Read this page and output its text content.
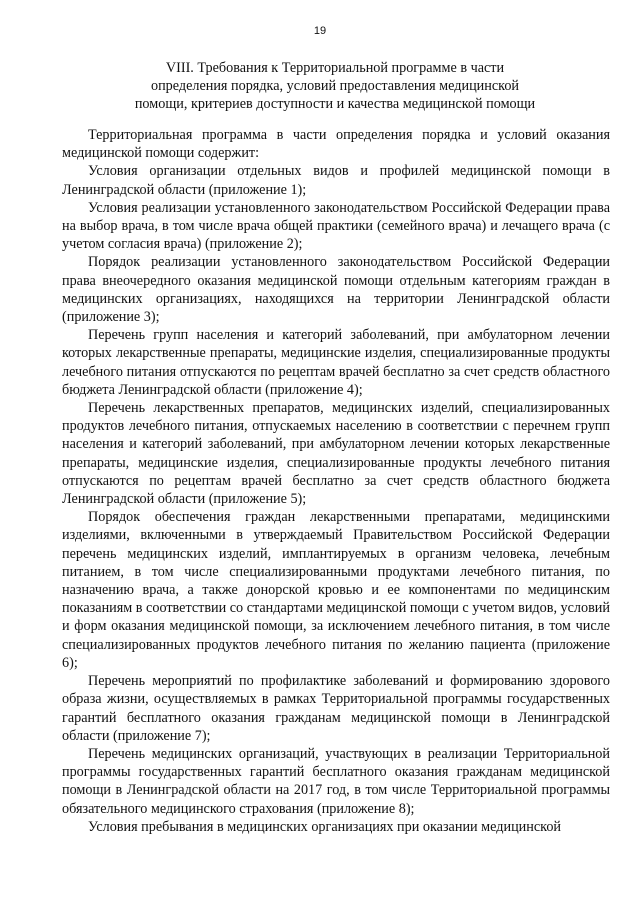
19
VIII. Требования к Территориальной программе в части
определения порядка, условий предоставления медицинской
помощи, критериев доступности и качества медицинской помощи

Территориальная программа в части определения порядка и условий оказания медицинской помощи содержит:

Условия организации отдельных видов и профилей медицинской помощи в Ленинградской области (приложение 1);

Условия реализации установленного законодательством Российской Федерации права на выбор врача, в том числе врача общей практики (семейного врача) и лечащего врача (с учетом согласия врача) (приложение 2);

Порядок реализации установленного законодательством Российской Федерации права внеочередного оказания медицинской помощи отдельным категориям граждан в медицинских организациях, находящихся на территории Ленинградской области (приложение 3);

Перечень групп населения и категорий заболеваний, при амбулаторном лечении которых лекарственные препараты, медицинские изделия, специализированные продукты лечебного питания отпускаются по рецептам врачей бесплатно за счет средств областного бюджета Ленинградской области (приложение 4);

Перечень лекарственных препаратов, медицинских изделий, специализированных продуктов лечебного питания, отпускаемых населению в соответствии с перечнем групп населения и категорий заболеваний, при амбулаторном лечении которых лекарственные препараты, медицинские изделия, специализированные продукты лечебного питания отпускаются по рецептам врачей бесплатно за счет средств областного бюджета Ленинградской области (приложение 5);

Порядок обеспечения граждан лекарственными препаратами, медицинскими изделиями, включенными в утверждаемый Правительством Российской Федерации перечень медицинских изделий, имплантируемых в организм человека, лечебным питанием, в том числе специализированными продуктами лечебного питания, по назначению врача, а также донорской кровью и ее компонентами по медицинским показаниям в соответствии со стандартами медицинской помощи с учетом видов, условий и форм оказания медицинской помощи, за исключением лечебного питания, в том числе специализированных продуктов лечебного питания по желанию пациента (приложение 6);

Перечень мероприятий по профилактике заболеваний и формированию здорового образа жизни, осуществляемых в рамках Территориальной программы государственных гарантий бесплатного оказания гражданам медицинской помощи в Ленинградской области (приложение 7);

Перечень медицинских организаций, участвующих в реализации Территориальной программы государственных гарантий бесплатного оказания гражданам медицинской помощи в Ленинградской области на 2017 год, в том числе Территориальной программы обязательного медицинского страхования (приложение 8);

Условия пребывания в медицинских организациях при оказании медицинской
